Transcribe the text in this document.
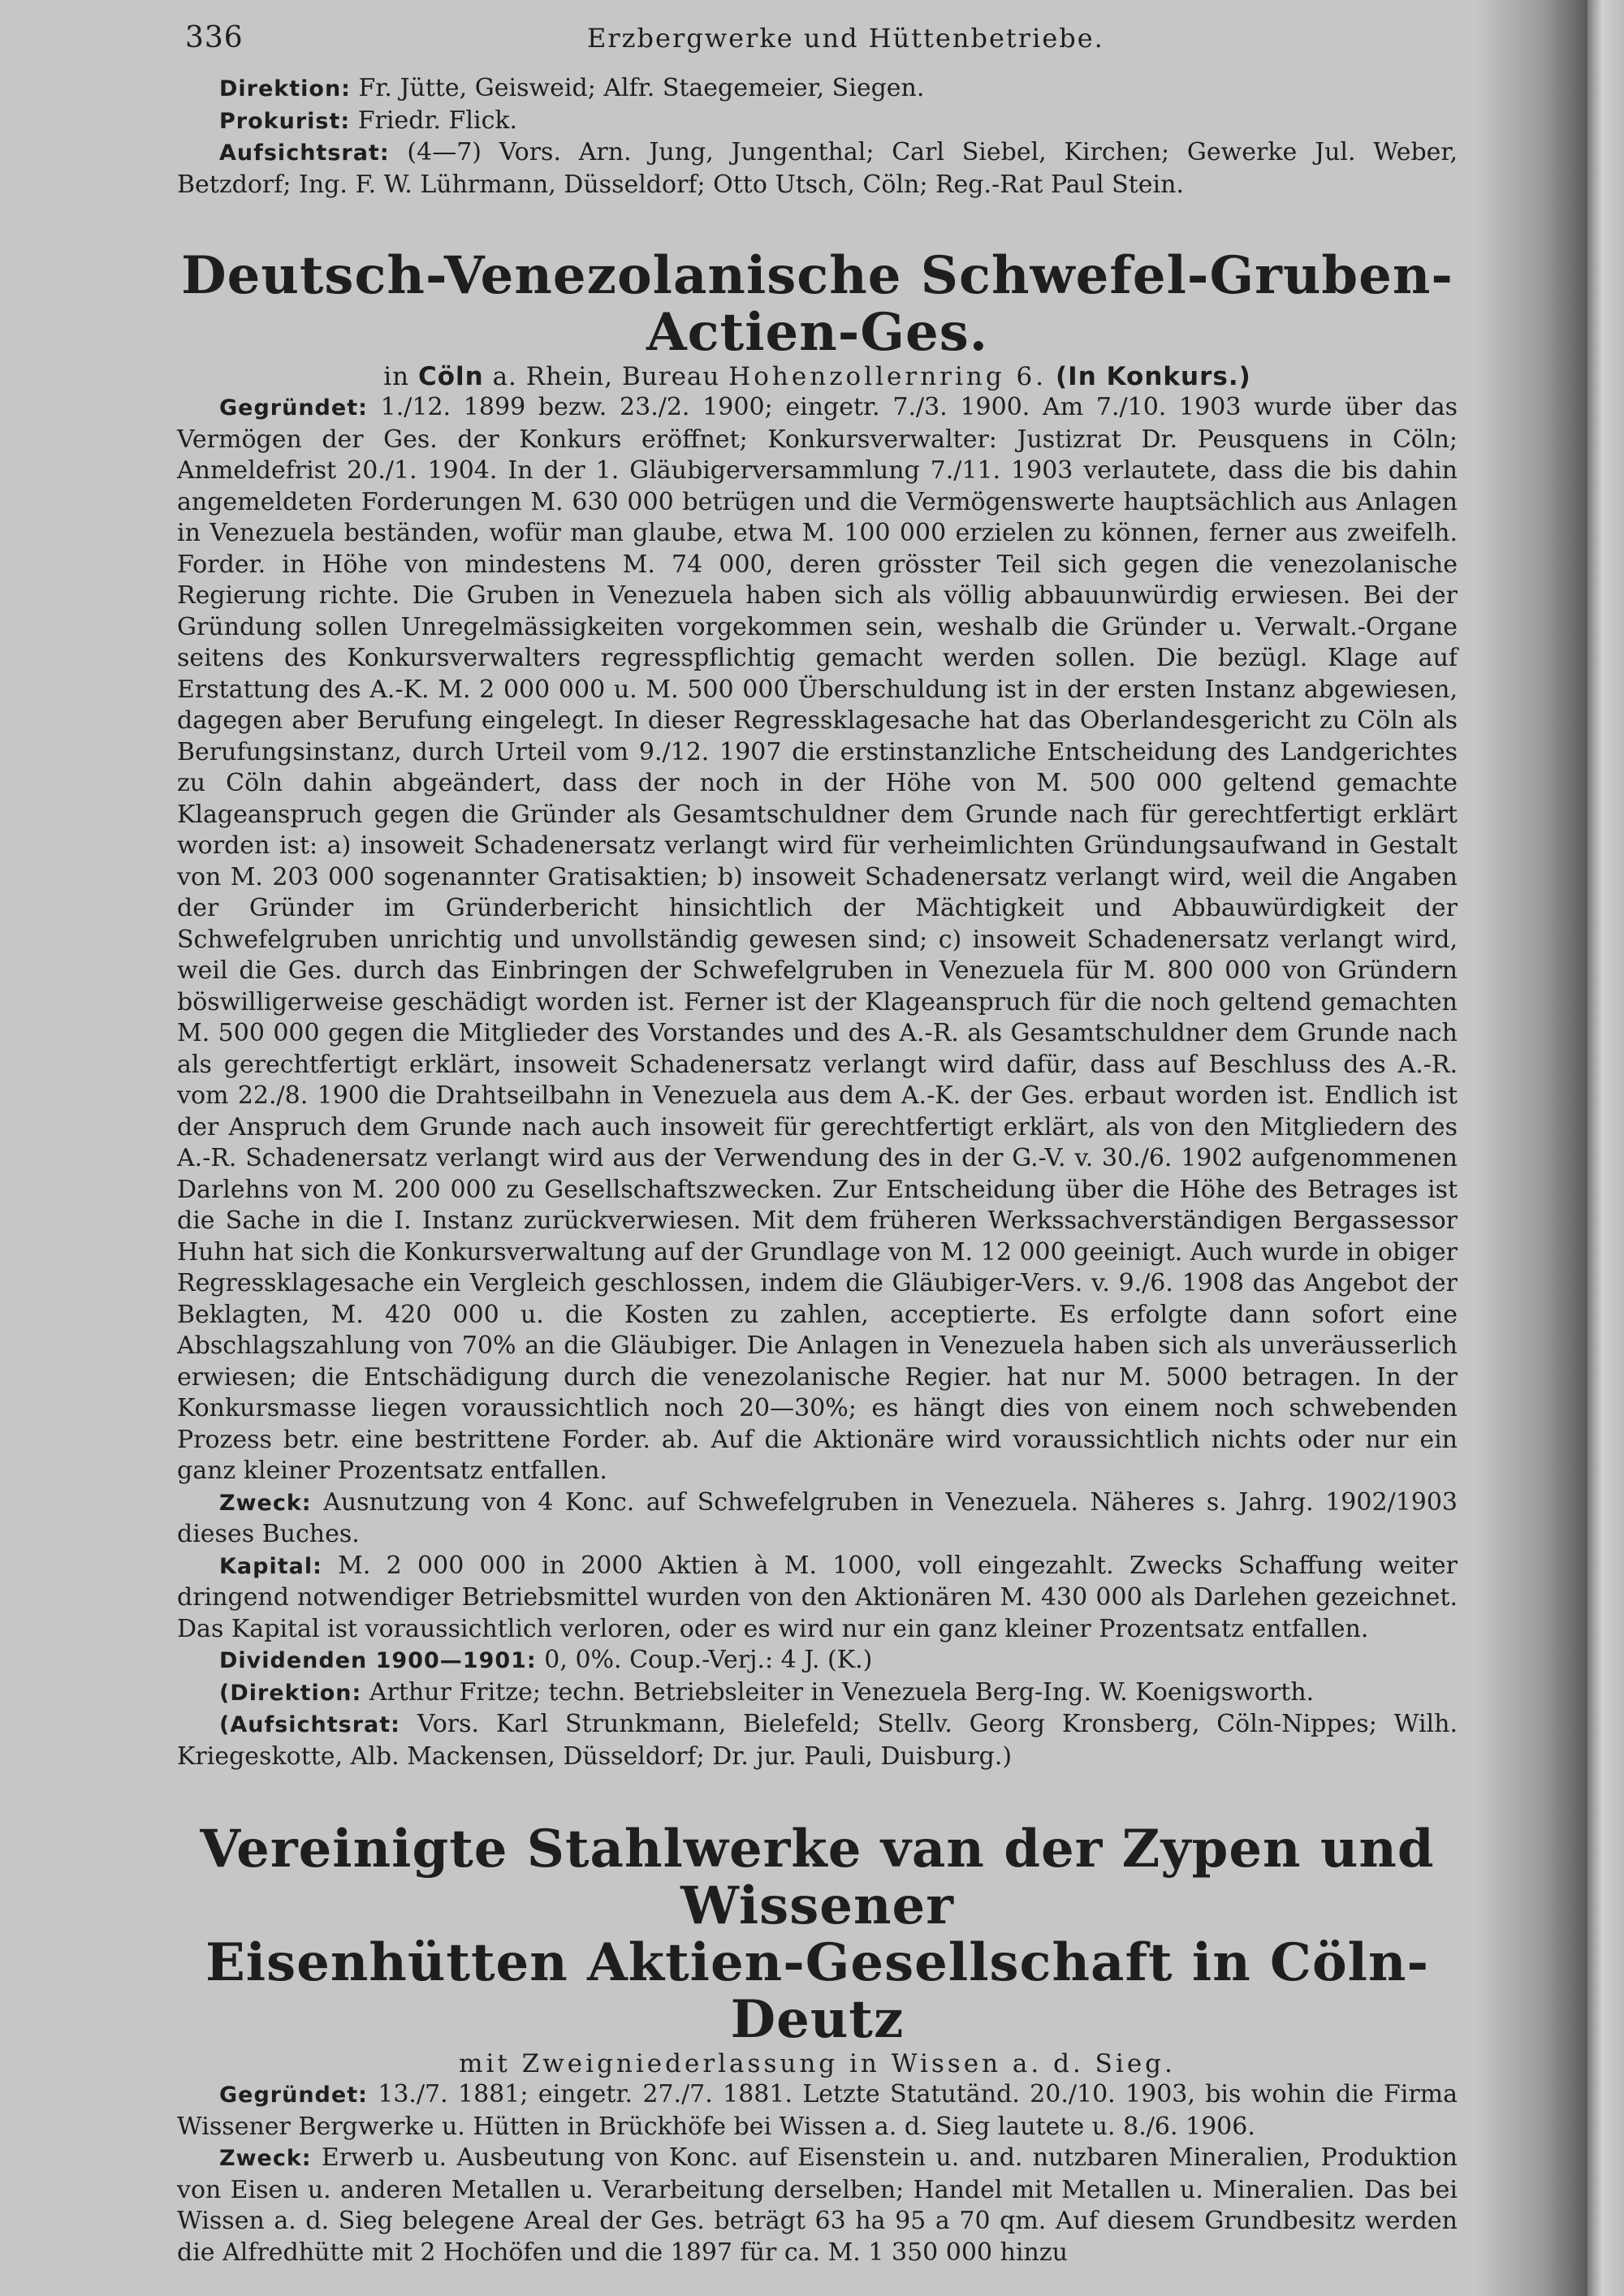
336	Erzbergwerke und Hüttenbetriebe.

Direktion: Fr. Jütte, Geisweid; Alfr. Staegemeier, Siegen.

Prokurist: Friedr. Flick.

Aufsichtsrat: (4—7) Vors. Arn. Jung, Jungenthal; Carl Siebel, Kirchen; Gewerke Jul. Weber, Betzdorf; Ing. F. W. Lührmann, Düsseldorf; Otto Utsch, Cöln; Reg.-Rat Paul Stein.

Deutsch-Venezolanische Schwefel-Gruben-Actien-Ges.

in Cöln a. Rhein, Bureau Hohenzollernring 6. (In Konkurs.)

Gegründet: 1./12. 1899 bezw. 23./2. 1900; eingetr. 7./3. 1900. Am 7./10. 1903 wurde über das Vermögen der Ges. der Konkurs eröffnet; Konkursverwalter: Justizrat Dr. Peusquens in Cöln; Anmeldefrist 20./1. 1904. In der 1. Gläubigerversammlung 7./11. 1903 verlautete, dass die bis dahin angemeldeten Forderungen M. 630 000 betrügen und die Vermögenswerte hauptsächlich aus Anlagen in Venezuela beständen, wofür man glaube, etwa M. 100 000 erzielen zu können, ferner aus zweifelh. Forder. in Höhe von mindestens M. 74 000, deren grösster Teil sich gegen die venezolanische Regierung richte. Die Gruben in Venezuela haben sich als völlig abbauunwürdig erwiesen. Bei der Gründung sollen Unregelmässigkeiten vorgekommen sein, weshalb die Gründer u. Verwalt.-Organe seitens des Konkursverwalters regresspflichtig gemacht werden sollen. Die bezügl. Klage auf Erstattung des A.-K. M. 2 000 000 u. M. 500 000 Überschuldung ist in der ersten Instanz abgewiesen, dagegen aber Berufung eingelegt. In dieser Regressklagesache hat das Oberlandesgericht zu Cöln als Berufungsinstanz, durch Urteil vom 9./12. 1907 die erstinstanzliche Entscheidung des Landgerichtes zu Cöln dahin abgeändert, dass der noch in der Höhe von M. 500 000 geltend gemachte Klageanspruch gegen die Gründer als Gesamtschuldner dem Grunde nach für gerechtfertigt erklärt worden ist: a) insoweit Schadenersatz verlangt wird für verheimlichten Gründungsaufwand in Gestalt von M. 203 000 sogenannter Gratisaktien; b) insoweit Schadenersatz verlangt wird, weil die Angaben der Gründer im Gründerbericht hinsichtlich der Mächtigkeit und Abbauwürdigkeit der Schwefelgruben unrichtig und unvollständig gewesen sind; c) insoweit Schadenersatz verlangt wird, weil die Ges. durch das Einbringen der Schwefelgruben in Venezuela für M. 800 000 von Gründern böswilligerweise geschädigt worden ist. Ferner ist der Klageanspruch für die noch geltend gemachten M. 500 000 gegen die Mitglieder des Vorstandes und des A.-R. als Gesamtschuldner dem Grunde nach als gerechtfertigt erklärt, insoweit Schadenersatz verlangt wird dafür, dass auf Beschluss des A.-R. vom 22./8. 1900 die Drahtseilbahn in Venezuela aus dem A.-K. der Ges. erbaut worden ist. Endlich ist der Anspruch dem Grunde nach auch insoweit für gerechtfertigt erklärt, als von den Mitgliedern des A.-R. Schadenersatz verlangt wird aus der Verwendung des in der G.-V. v. 30./6. 1902 aufgenommenen Darlehns von M. 200 000 zu Gesellschaftszwecken. Zur Entscheidung über die Höhe des Betrages ist die Sache in die I. Instanz zurückverwiesen. Mit dem früheren Werkssachverständigen Bergassessor Huhn hat sich die Konkursverwaltung auf der Grundlage von M. 12 000 geeinigt. Auch wurde in obiger Regressklagesache ein Vergleich geschlossen, indem die Gläubiger-Vers. v. 9./6. 1908 das Angebot der Beklagten, M. 420 000 u. die Kosten zu zahlen, acceptierte. Es erfolgte dann sofort eine Abschlagszahlung von 70% an die Gläubiger. Die Anlagen in Venezuela haben sich als unveräusserlich erwiesen; die Entschädigung durch die venezolanische Regier. hat nur M. 5000 betragen. In der Konkursmasse liegen voraussichtlich noch 20—30%; es hängt dies von einem noch schwebenden Prozess betr. eine bestrittene Forder. ab. Auf die Aktionäre wird voraussichtlich nichts oder nur ein ganz kleiner Prozentsatz entfallen.

Zweck: Ausnutzung von 4 Konc. auf Schwefelgruben in Venezuela. Näheres s. Jahrg. 1902/1903 dieses Buches.

Kapital: M. 2 000 000 in 2000 Aktien à M. 1000, voll eingezahlt. Zwecks Schaffung weiter dringend notwendiger Betriebsmittel wurden von den Aktionären M. 430 000 als Darlehen gezeichnet. Das Kapital ist voraussichtlich verloren, oder es wird nur ein ganz kleiner Prozentsatz entfallen.

Dividenden 1900—1901: 0, 0%. Coup.-Verj.: 4 J. (K.)

(Direktion: Arthur Fritze; techn. Betriebsleiter in Venezuela Berg-Ing. W. Koenigsworth.

(Aufsichtsrat: Vors. Karl Strunkmann, Bielefeld; Stellv. Georg Kronsberg, Cöln-Nippes; Wilh. Kriegeskotte, Alb. Mackensen, Düsseldorf; Dr. jur. Pauli, Duisburg.)

Vereinigte Stahlwerke van der Zypen und Wissener
Eisenhütten Aktien-Gesellschaft in Cöln-Deutz

mit Zweigniederlassung in Wissen a. d. Sieg.

Gegründet: 13./7. 1881; eingetr. 27./7. 1881. Letzte Statutänd. 20./10. 1903, bis wohin die Firma Wissener Bergwerke u. Hütten in Brückhöfe bei Wissen a. d. Sieg lautete u. 8./6. 1906.

Zweck: Erwerb u. Ausbeutung von Konc. auf Eisenstein u. and. nutzbaren Mineralien, Produktion von Eisen u. anderen Metallen u. Verarbeitung derselben; Handel mit Metallen u. Mineralien. Das bei Wissen a. d. Sieg belegene Areal der Ges. beträgt 63 ha 95 a 70 qm. Auf diesem Grundbesitz werden die Alfredhütte mit 2 Hochöfen und die 1897 für ca. M. 1 350 000 hinzu
